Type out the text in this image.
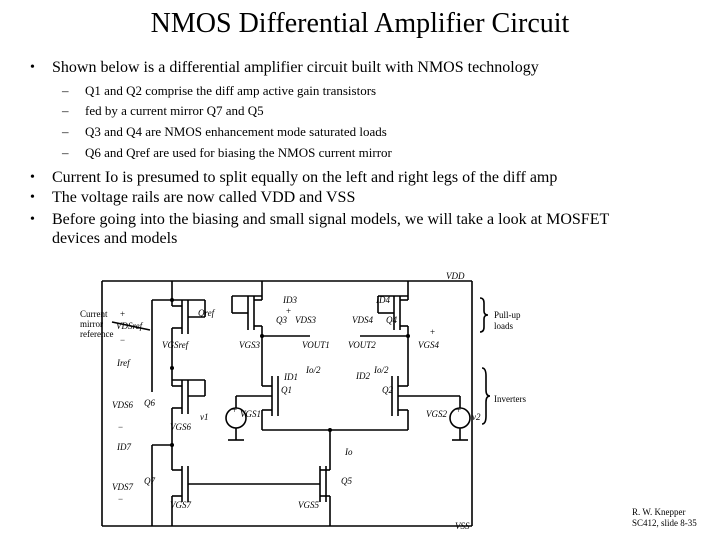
NMOS Differential Amplifier Circuit
• Shown below is a differential amplifier circuit built with NMOS technology
– Q1 and Q2 comprise the diff amp active gain transistors
– fed by a current mirror Q7 and Q5
– Q3 and Q4 are NMOS enhancement mode saturated loads
– Q6 and Qref are used for biasing the NMOS current mirror
• Current Io is presumed to split equally on the left and right legs of the diff amp
• The voltage rails are now called VDD and VSS
• Before going into the biasing and small signal models, we will take a look at MOSFET
devices and models
VDD
VSS
Current
mirror
reference
Pull-up
loads
Inverters
Qref
Q3	Q4
Q1	Q2
Q6
Q7	Q5
ID3	ID4
ID1	ID2
Iref
ID7	Io
Io/2	Io/2
VDSref
VGSref
VDS3
VGS3
VDS4
VGS4
VOUT1 VOUT2
VGS1	VGS2
VDS6
VGS6
VDS7
VGS7	VGS5
v1	v2
+
−
+	+
−
−
+
+
R. W. Knepper
SC412, slide 8-35
